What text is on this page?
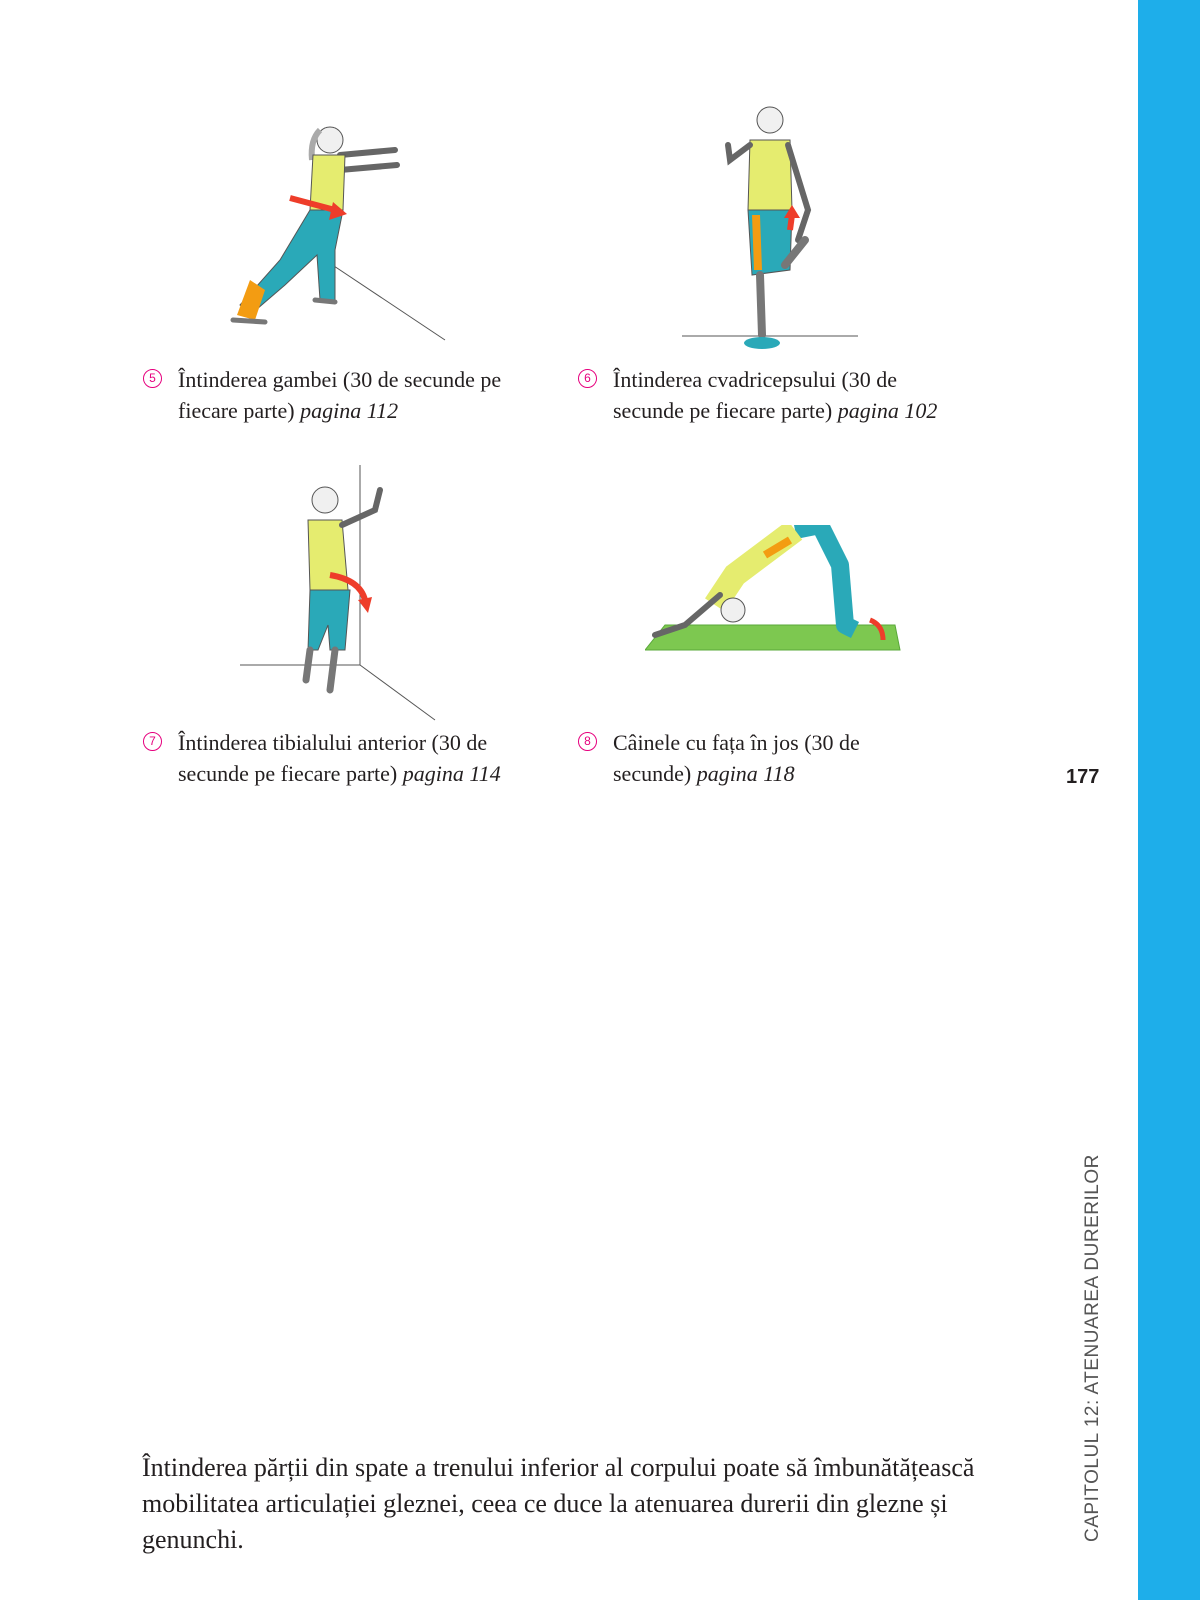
CAPITOLUL 12: ATENUAREA DURERILOR
177
5 Întinderea gambei (30 de secunde pe fiecare parte) pagina 112
6 Întinderea cvadricepsului (30 de secunde pe fiecare parte) pagina 102
7 Întinderea tibialului anterior (30 de secunde pe fiecare parte) pagina 114
8 Câinele cu fața în jos (30 de secunde) pagina 118
Întinderea părții din spate a trenului inferior al corpului poate să îmbunătățească mobilitatea articulației gleznei, ceea ce duce la atenuarea durerii din glezne și genunchi.
